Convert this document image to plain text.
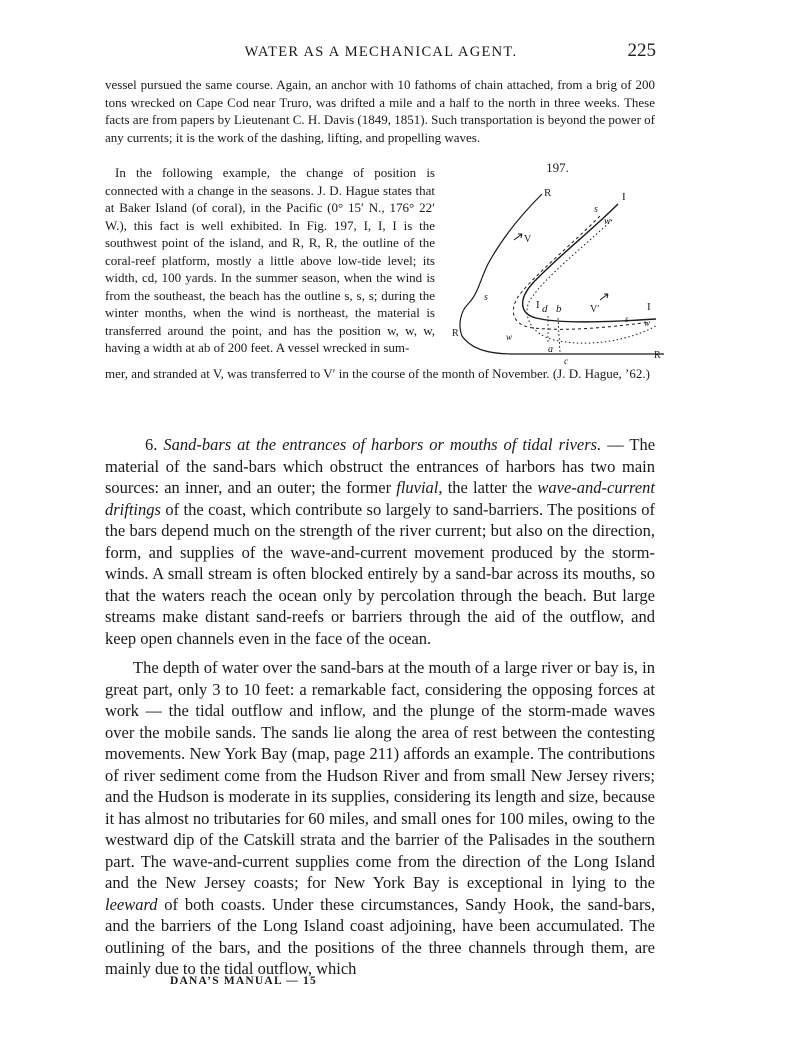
WATER AS A MECHANICAL AGENT.	225
vessel pursued the same course. Again, an anchor with 10 fathoms of chain attached, from a brig of 200 tons wrecked on Cape Cod near Truro, was drifted a mile and a half to the north in three weeks. These facts are from papers by Lieutenant C. H. Davis (1849, 1851). Such transportation is beyond the power of any currents; it is the work of the dashing, lifting, and propelling waves.
In the following example, the change of position is connected with a change in the seasons. J. D. Hague states that at Baker Island (of coral), in the Pacific (0° 15′ N., 176° 22′ W.), this fact is well exhibited. In Fig. 197, I, I, I is the southwest point of the island, and R, R, R, the outline of the coral-reef platform, mostly a little above low-tide level; its width, cd, 100 yards. In the summer season, when the wind is from the southeast, the beach has the outline s, s, s; during the winter months, when the wind is northeast, the material is transferred around the point, and has the position w, w, w, having a width at ab of 200 feet. A vessel wrecked in sum-
197.
R
R
R
I
I	I
s
s
s
w
w
w
d b
a
c
V
V′
mer, and stranded at V, was transferred to V′ in the course of the month of November. (J. D. Hague, ’62.)
6. Sand-bars at the entrances of harbors or mouths of tidal rivers. — The material of the sand-bars which obstruct the entrances of harbors has two main sources: an inner, and an outer; the former fluvial, the latter the wave-and-current driftings of the coast, which contribute so largely to sand-barriers. The positions of the bars depend much on the strength of the river current; but also on the direction, form, and supplies of the wave-and-current movement produced by the storm-winds. A small stream is often blocked entirely by a sand-bar across its mouths, so that the waters reach the ocean only by percolation through the beach. But large streams make distant sand-reefs or barriers through the aid of the outflow, and keep open channels even in the face of the ocean.
The depth of water over the sand-bars at the mouth of a large river or bay is, in great part, only 3 to 10 feet: a remarkable fact, considering the opposing forces at work — the tidal outflow and inflow, and the plunge of the storm-made waves over the mobile sands. The sands lie along the area of rest between the contesting movements. New York Bay (map, page 211) affords an example. The contributions of river sediment come from the Hudson River and from small New Jersey rivers; and the Hudson is moderate in its supplies, considering its length and size, because it has almost no tributaries for 60 miles, and small ones for 100 miles, owing to the westward dip of the Catskill strata and the barrier of the Palisades in the southern part. The wave-and-current supplies come from the direction of the Long Island and the New Jersey coasts; for New York Bay is exceptional in lying to the leeward of both coasts. Under these circumstances, Sandy Hook, the sand-bars, and the barriers of the Long Island coast adjoining, have been accumulated. The outlining of the bars, and the positions of the three channels through them, are mainly due to the tidal outflow, which
DANA’S MANUAL — 15
